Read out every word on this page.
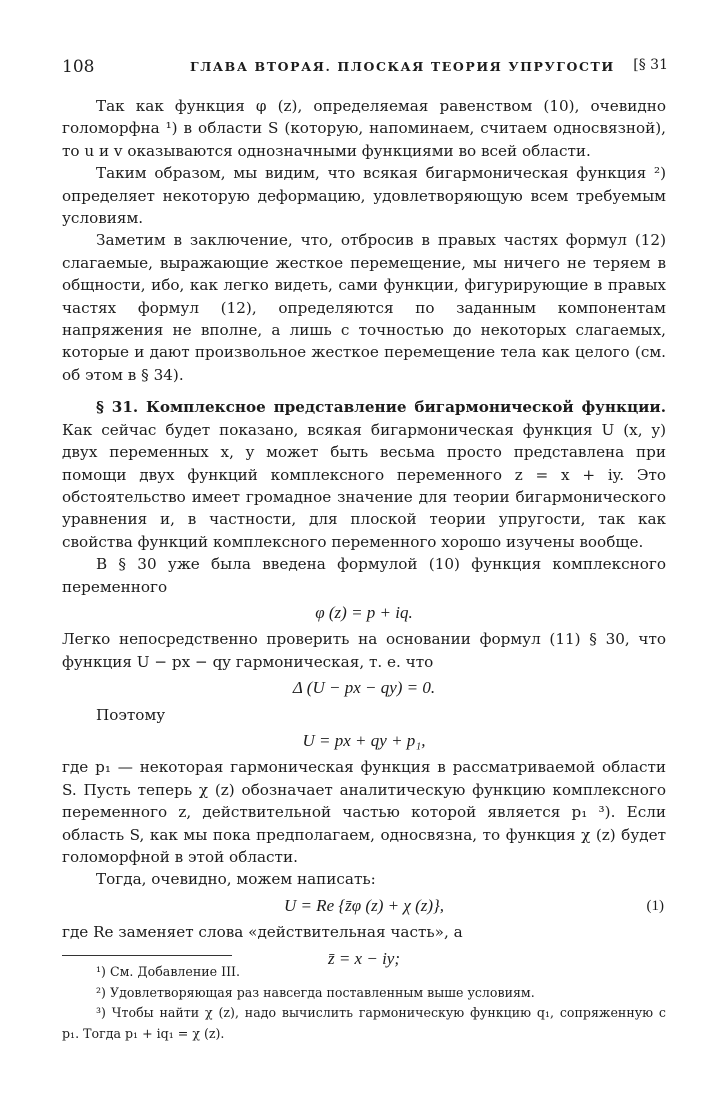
108	ГЛАВА ВТОРАЯ. ПЛОСКАЯ ТЕОРИЯ УПРУГОСТИ [§ 31

Так как функция φ (z), определяемая равенством (10), очевидно голоморфна ¹) в области S (которую, напоминаем, считаем односвязной), то u и v оказываются однозначными функциями во всей области.

Таким образом, мы видим, что всякая бигармоническая функция ²) определяет некоторую деформацию, удовлетворяющую всем требуемым условиям.

Заметим в заключение, что, отбросив в правых частях формул (12) слагаемые, выражающие жесткое перемещение, мы ничего не теряем в общности, ибо, как легко видеть, сами функции, фигурирующие в правых частях формул (12), определяются по заданным компонентам напряжения не вполне, а лишь с точностью до некоторых слагаемых, которые и дают произвольное жесткое перемещение тела как целого (см. об этом в § 34).

§ 31. Комплексное представление бигармонической функции. Как сейчас будет показано, всякая бигармоническая функция U (x, y) двух переменных x, y может быть весьма просто представлена при помощи двух функций комплексного переменного z = x + iy. Это обстоятельство имеет громадное значение для теории бигармонического уравнения и, в частности, для плоской теории упругости, так как свойства функций комплексного переменного хорошо изучены вообще.

В § 30 уже была введена формулой (10) функция комплексного переменного

φ (z) = p + iq.

Легко непосредственно проверить на основании формул (11) § 30, что функция U − px − qy гармоническая, т. е. что

Δ (U − px − qy) = 0.

Поэтому

U = px + qy + p₁,

где p₁ — некоторая гармоническая функция в рассматриваемой области S. Пусть теперь χ (z) обозначает аналитическую функцию комплексного переменного z, действительной частью которой является p₁ ³). Если область S, как мы пока предполагаем, односвязна, то функция χ (z) будет голоморфной в этой области.

Тогда, очевидно, можем написать:

U = Re {z̄φ (z) + χ (z)},	(1)

где Re заменяет слова «действительная часть», а

z̄ = x − iy;

¹) См. Добавление III.

²) Удовлетворяющая раз навсегда поставленным выше условиям.

³) Чтобы найти χ (z), надо вычислить гармоническую функцию q₁, сопряженную с p₁. Тогда p₁ + iq₁ = χ (z).
